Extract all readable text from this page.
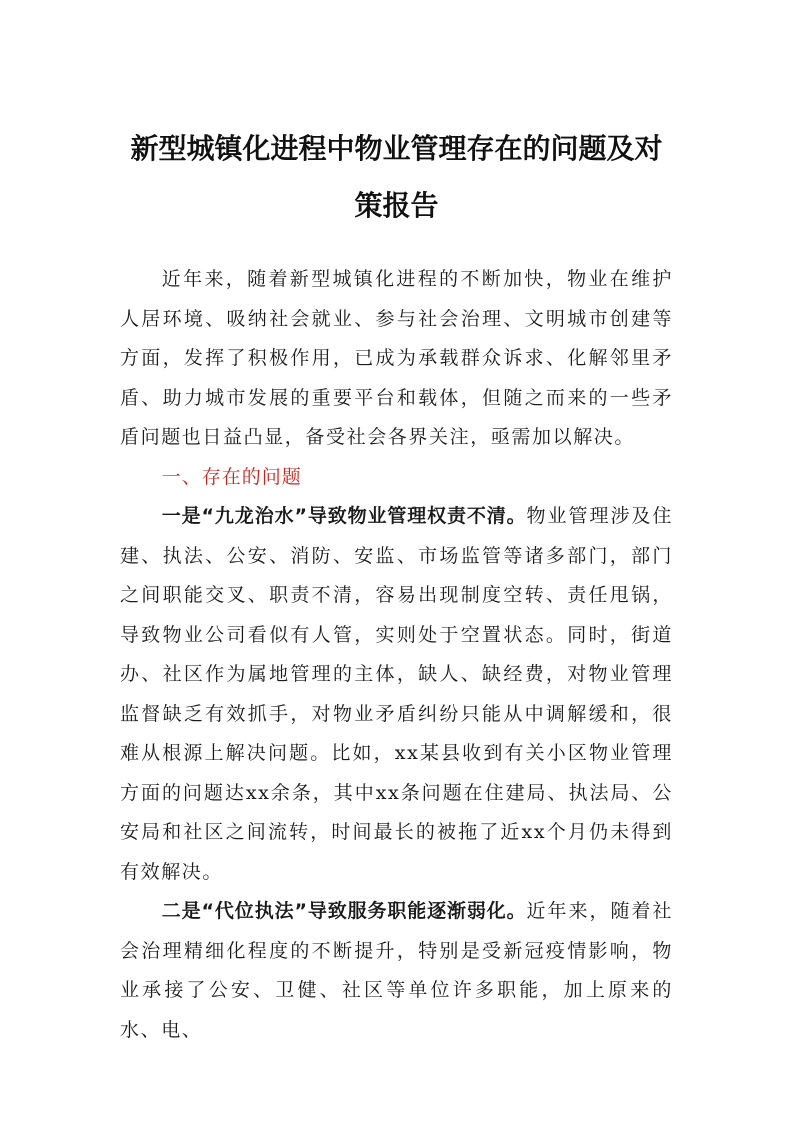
新型城镇化进程中物业管理存在的问题及对
策报告

近年来，随着新型城镇化进程的不断加快，物业在维护人居环境、吸纳社会就业、参与社会治理、文明城市创建等方面，发挥了积极作用，已成为承载群众诉求、化解邻里矛盾、助力城市发展的重要平台和载体，但随之而来的一些矛盾问题也日益凸显，备受社会各界关注，亟需加以解决。

一、存在的问题

一是“九龙治水”导致物业管理权责不清。物业管理涉及住建、执法、公安、消防、安监、市场监管等诸多部门，部门之间职能交叉、职责不清，容易出现制度空转、责任甩锅，导致物业公司看似有人管，实则处于空置状态。同时，街道办、社区作为属地管理的主体，缺人、缺经费，对物业管理监督缺乏有效抓手，对物业矛盾纠纷只能从中调解缓和，很难从根源上解决问题。比如，xx某县收到有关小区物业管理方面的问题达xx余条，其中xx条问题在住建局、执法局、公安局和社区之间流转，时间最长的被拖了近xx个月仍未得到有效解决。

二是“代位执法”导致服务职能逐渐弱化。近年来，随着社会治理精细化程度的不断提升，特别是受新冠疫情影响，物业承接了公安、卫健、社区等单位许多职能，加上原来的水、电、
